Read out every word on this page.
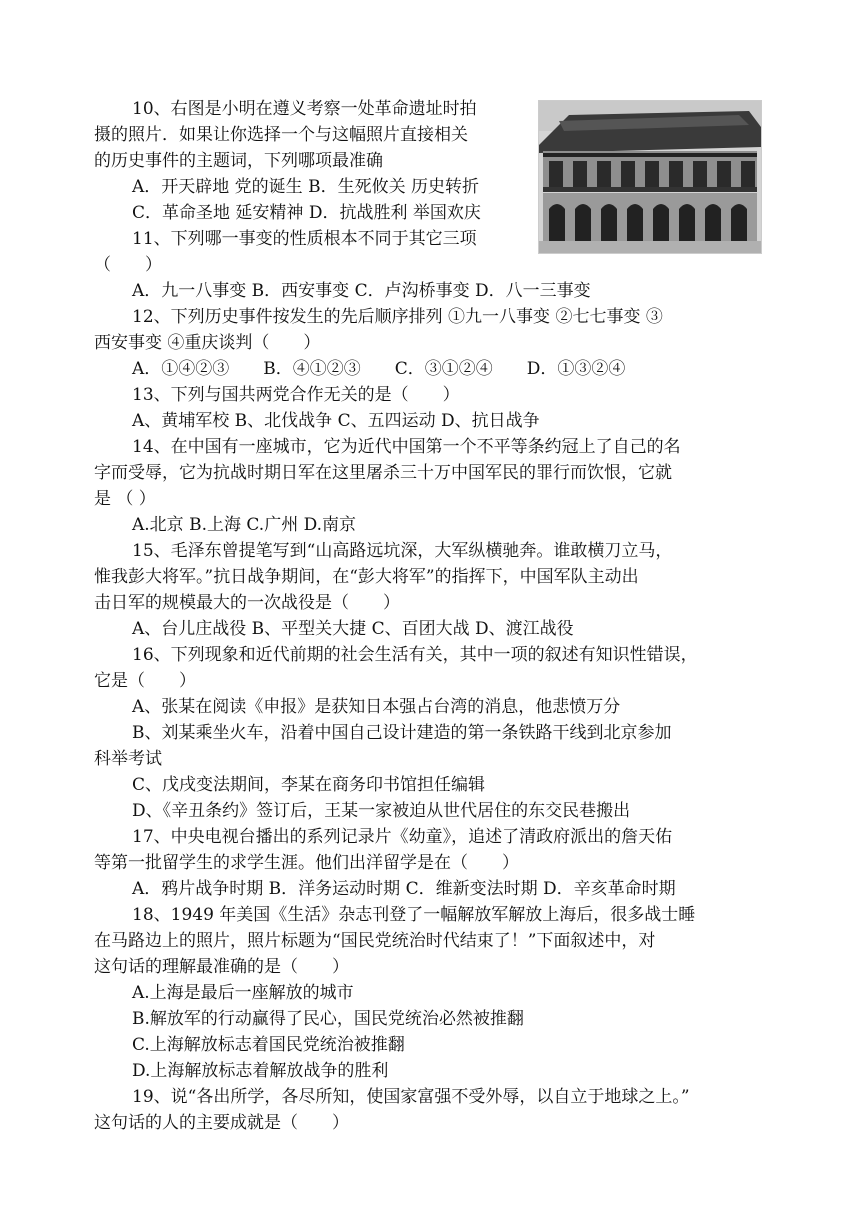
10、右图是小明在遵义考察一处革命遗址时拍
摄的照片．如果让你选择一个与这幅照片直接相关
的历史事件的主题词，下列哪项最准确
A．开天辟地 党的诞生 B．生死攸关 历史转折
C．革命圣地 延安精神 D．抗战胜利 举国欢庆
11、下列哪一事变的性质根本不同于其它三项
（　　）
A．九一八事变 B．西安事变 C．卢沟桥事变 D．八一三事变
12、下列历史事件按发生的先后顺序排列 ①九一八事变 ②七七事变 ③
西安事变 ④重庆谈判（　　）
A．①④②③　　B．④①②③　　C．③①②④　　D．①③②④
13、下列与国共两党合作无关的是（　　）
A、黄埔军校 B、北伐战争 C、五四运动 D、抗日战争
14、在中国有一座城市，它为近代中国第一个不平等条约冠上了自己的名
字而受辱，它为抗战时期日军在这里屠杀三十万中国军民的罪行而饮恨，它就
是 （ ）
A.北京 B.上海 C.广州 D.南京
15、毛泽东曾提笔写到“山高路远坑深，大军纵横驰奔。谁敢横刀立马，
惟我彭大将军。”抗日战争期间，在“彭大将军”的指挥下，中国军队主动出
击日军的规模最大的一次战役是（　　）
A、台儿庄战役 B、平型关大捷 C、百团大战 D、渡江战役
16、下列现象和近代前期的社会生活有关，其中一项的叙述有知识性错误，
它是（　　）
A、张某在阅读《申报》是获知日本强占台湾的消息，他悲愤万分
B、刘某乘坐火车，沿着中国自己设计建造的第一条铁路干线到北京参加
科举考试
C、戊戌变法期间，李某在商务印书馆担任编辑
D、《辛丑条约》签订后，王某一家被迫从世代居住的东交民巷搬出
17、中央电视台播出的系列记录片《幼童》，追述了清政府派出的詹天佑
等第一批留学生的求学生涯。他们出洋留学是在（　　）
A．鸦片战争时期 B．洋务运动时期 C．维新变法时期 D．辛亥革命时期
18、1949 年美国《生活》杂志刊登了一幅解放军解放上海后，很多战士睡
在马路边上的照片，照片标题为“国民党统治时代结束了！”下面叙述中，对
这句话的理解最准确的是（　　）
A.上海是最后一座解放的城市
B.解放军的行动赢得了民心，国民党统治必然被推翻
C.上海解放标志着国民党统治被推翻
D.上海解放标志着解放战争的胜利
19、说“各出所学，各尽所知，使国家富强不受外辱，以自立于地球之上。”
这句话的人的主要成就是（　　）
